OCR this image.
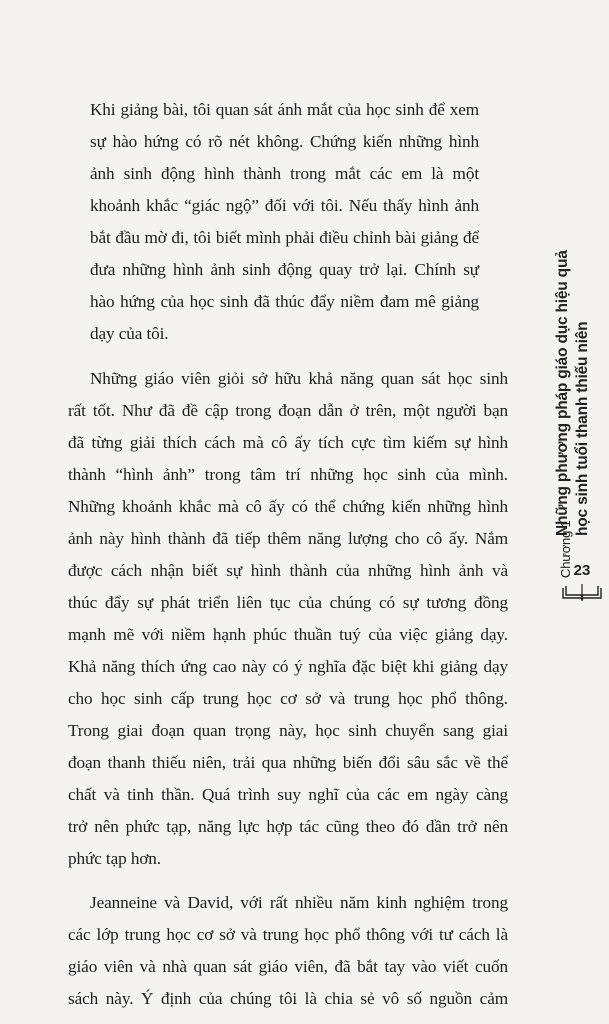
Khi giảng bài, tôi quan sát ánh mắt của học sinh để xem
sự hào hứng có rõ nét không. Chứng kiến những hình
ảnh sinh động hình thành trong mắt các em là một
khoảnh khắc “giác ngộ” đối với tôi. Nếu thấy hình ảnh
bắt đầu mờ đi, tôi biết mình phải điều chỉnh bài giảng để
đưa những hình ảnh sinh động quay trở lại. Chính sự
hào hứng của học sinh đã thúc đẩy niềm đam mê giảng
dạy của tôi.
Những giáo viên giỏi sở hữu khả năng quan sát học sinh
rất tốt. Như đã đề cập trong đoạn dẫn ở trên, một người bạn
đã từng giải thích cách mà cô ấy tích cực tìm kiếm sự hình
thành “hình ảnh” trong tâm trí những học sinh của mình.
Những khoảnh khắc mà cô ấy có thể chứng kiến những hình
ảnh này hình thành đã tiếp thêm năng lượng cho cô ấy. Nắm
được cách nhận biết sự hình thành của những hình ảnh và
thúc đẩy sự phát triển liên tục của chúng có sự tương đồng
mạnh mẽ với niềm hạnh phúc thuần tuý của việc giảng dạy.
Khả năng thích ứng cao này có ý nghĩa đặc biệt khi giảng dạy
cho học sinh cấp trung học cơ sở và trung học phổ thông.
Trong giai đoạn quan trọng này, học sinh chuyển sang giai
đoạn thanh thiếu niên, trải qua những biến đổi sâu sắc về thể
chất và tinh thần. Quá trình suy nghĩ của các em ngày càng
trở nên phức tạp, năng lực hợp tác cũng theo đó dần trở nên
phức tạp hơn.
Jeanneine và David, với rất nhiều năm kinh nghiệm trong
các lớp trung học cơ sở và trung học phổ thông với tư cách là
giáo viên và nhà quan sát giáo viên, đã bắt tay vào viết cuốn
sách này. Ý định của chúng tôi là chia sẻ vô số nguồn cảm
Chương 1
Những phương pháp giáo dục hiệu quả học sinh tuổi thanh thiếu niên
23
